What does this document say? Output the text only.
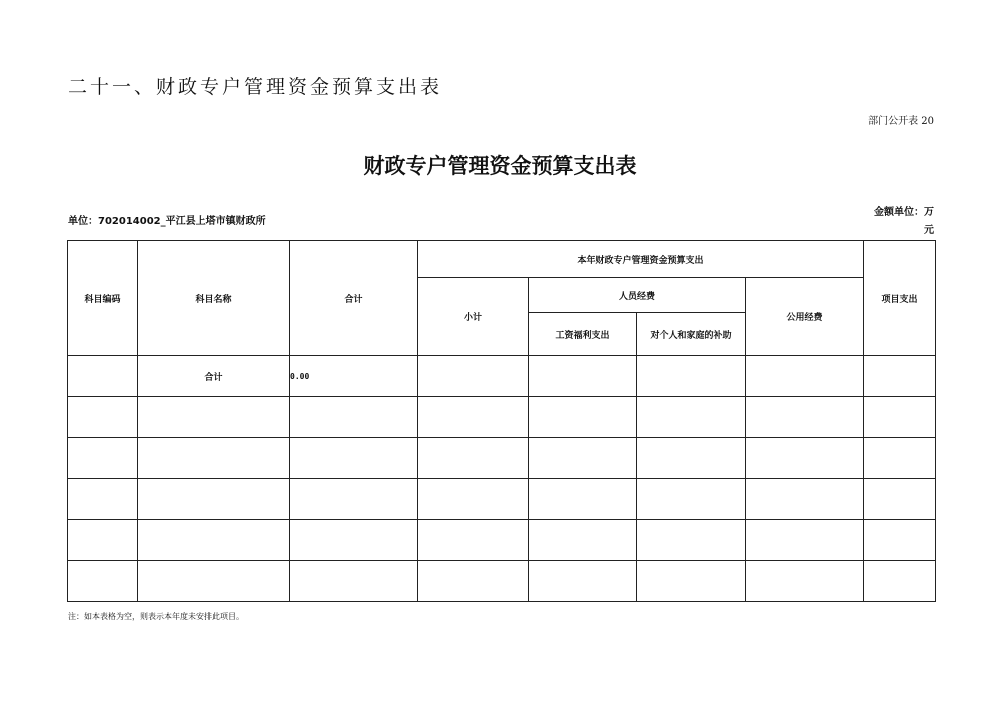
二十一、财政专户管理资金预算支出表
部门公开表 20
财政专户管理资金预算支出表
单位：702014002_平江县上塔市镇财政所
金额单位：万
元
科目编码	科目名称	合计	本年财政专户管理资金预算支出				项目支出
			小计	人员经费		公用经费	
				工资福利支出	对个人和家庭的补助		
	合计	0.00					

注：如本表格为空，则表示本年度未安排此项目。
